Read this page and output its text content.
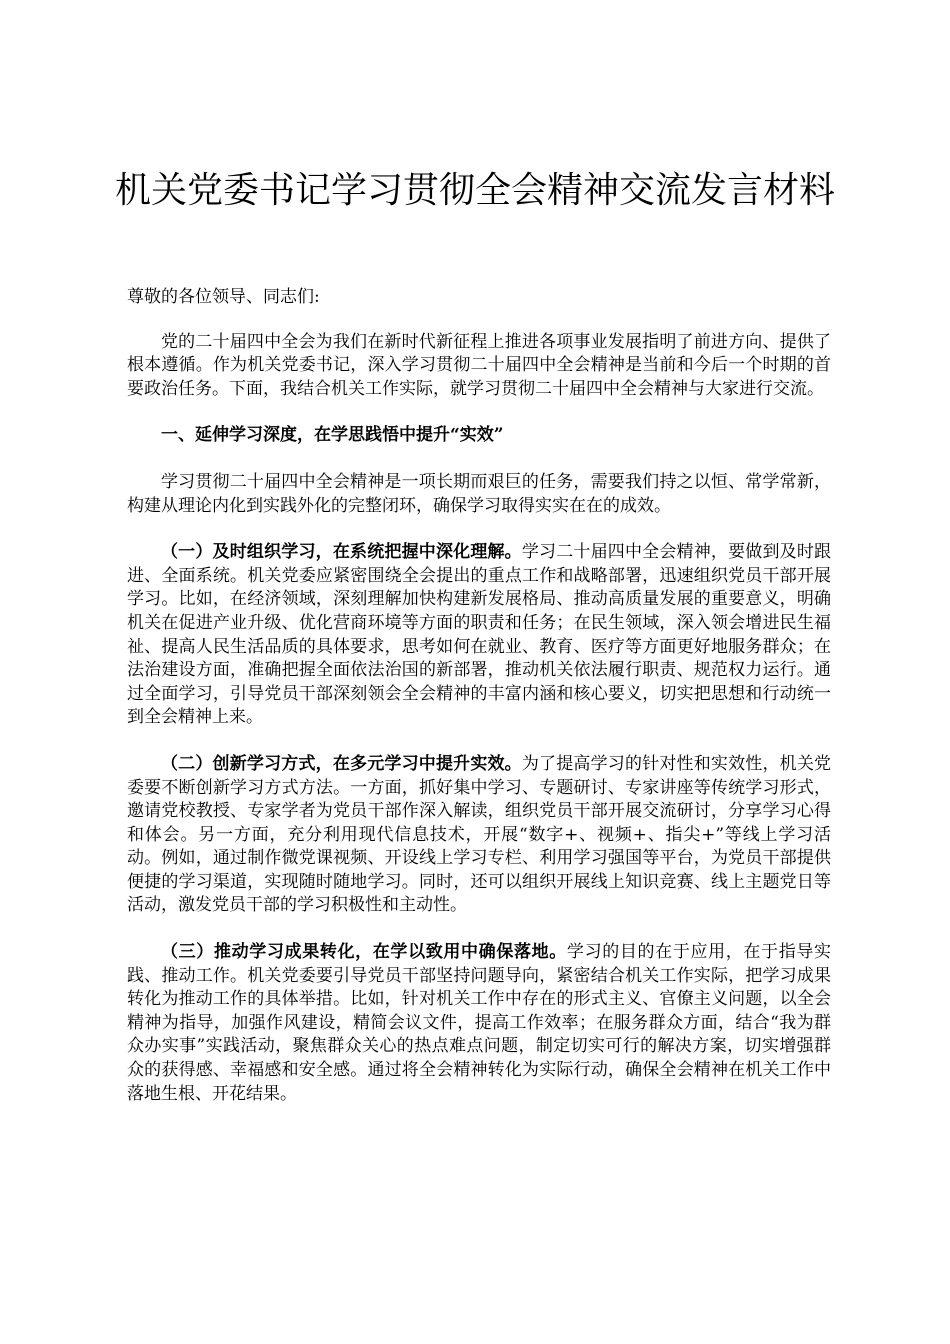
机关党委书记学习贯彻全会精神交流发言材料

尊敬的各位领导、同志们:

党的二十届四中全会为我们在新时代新征程上推进各项事业发展指明了前进方向、提供了根本遵循。作为机关党委书记，深入学习贯彻二十届四中全会精神是当前和今后一个时期的首要政治任务。下面，我结合机关工作实际，就学习贯彻二十届四中全会精神与大家进行交流。

一、延伸学习深度，在学思践悟中提升“实效”

学习贯彻二十届四中全会精神是一项长期而艰巨的任务，需要我们持之以恒、常学常新，构建从理论内化到实践外化的完整闭环，确保学习取得实实在在的成效。

（一）及时组织学习，在系统把握中深化理解。学习二十届四中全会精神，要做到及时跟进、全面系统。机关党委应紧密围绕全会提出的重点工作和战略部署，迅速组织党员干部开展学习。比如，在经济领域，深刻理解加快构建新发展格局、推动高质量发展的重要意义，明确机关在促进产业升级、优化营商环境等方面的职责和任务；在民生领域，深入领会增进民生福祉、提高人民生活品质的具体要求，思考如何在就业、教育、医疗等方面更好地服务群众；在法治建设方面，准确把握全面依法治国的新部署，推动机关依法履行职责、规范权力运行。通过全面学习，引导党员干部深刻领会全会精神的丰富内涵和核心要义，切实把思想和行动统一到全会精神上来。

（二）创新学习方式，在多元学习中提升实效。为了提高学习的针对性和实效性，机关党委要不断创新学习方式方法。一方面，抓好集中学习、专题研讨、专家讲座等传统学习形式，邀请党校教授、专家学者为党员干部作深入解读，组织党员干部开展交流研讨，分享学习心得和体会。另一方面，充分利用现代信息技术，开展“数字+、视频+、指尖+”等线上学习活动。例如，通过制作微党课视频、开设线上学习专栏、利用学习强国等平台，为党员干部提供便捷的学习渠道，实现随时随地学习。同时，还可以组织开展线上知识竞赛、线上主题党日等活动，激发党员干部的学习积极性和主动性。

（三）推动学习成果转化，在学以致用中确保落地。学习的目的在于应用，在于指导实践、推动工作。机关党委要引导党员干部坚持问题导向，紧密结合机关工作实际，把学习成果转化为推动工作的具体举措。比如，针对机关工作中存在的形式主义、官僚主义问题，以全会精神为指导，加强作风建设，精简会议文件，提高工作效率；在服务群众方面，结合“我为群众办实事”实践活动，聚焦群众关心的热点难点问题，制定切实可行的解决方案，切实增强群众的获得感、幸福感和安全感。通过将全会精神转化为实际行动，确保全会精神在机关工作中落地生根、开花结果。
